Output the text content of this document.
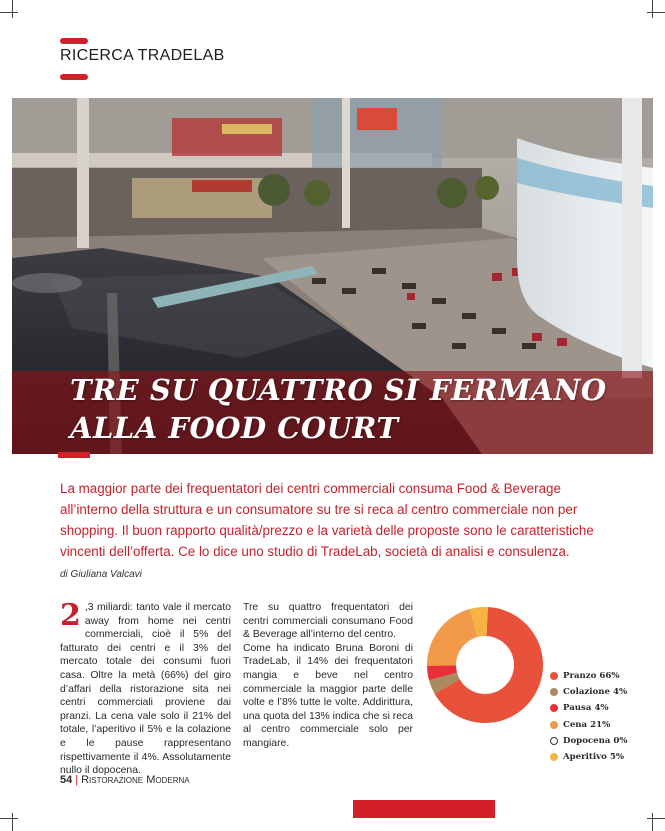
RICERCA TRADELAB
TRE SU QUATTRO SI FERMANO
ALLA FOOD COURT

La maggior parte dei frequentatori dei centri commerciali consuma Food & Beverage all’interno della struttura e un consumatore su tre si reca al centro commerciale non per shopping. Il buon rapporto qualità/prezzo e la varietà delle proposte sono le caratteristiche vincenti dell’offerta. Ce lo dice uno studio di TradeLab, società di analisi e consulenza.

di Giuliana Valcavi
2 ,3 miliardi: tanto vale il mercato away from home nei centri commerciali, cioè il 5% del fatturato dei centri e il 3% del mercato totale dei consumi fuori casa. Oltre la metà (66%) del giro d’affari della ristorazione sita nei centri commerciali proviene dai pranzi. La cena vale solo il 21% del totale, l’aperitivo il 5% e la colazione e le pause rappresentano rispettivamente il 4%. Assolutamente nullo il dopocena.

Tre su quattro frequentatori dei centri commerciali consumano Food & Beverage all’interno del centro.

Come ha indicato Bruna Boroni di TradeLab, il 14% dei frequentatori mangia e beve nel centro commerciale la maggior parte delle volte e l’8% tutte le volte. Addirittura, una quota del 13% indica che si reca al centro commerciale solo per mangiare.

Pranzo 66%
Colazione 4%
Pausa 4%
Cena 21%
Dopocena 0%
Aperitivo 5%
54 | Ristorazione Moderna
